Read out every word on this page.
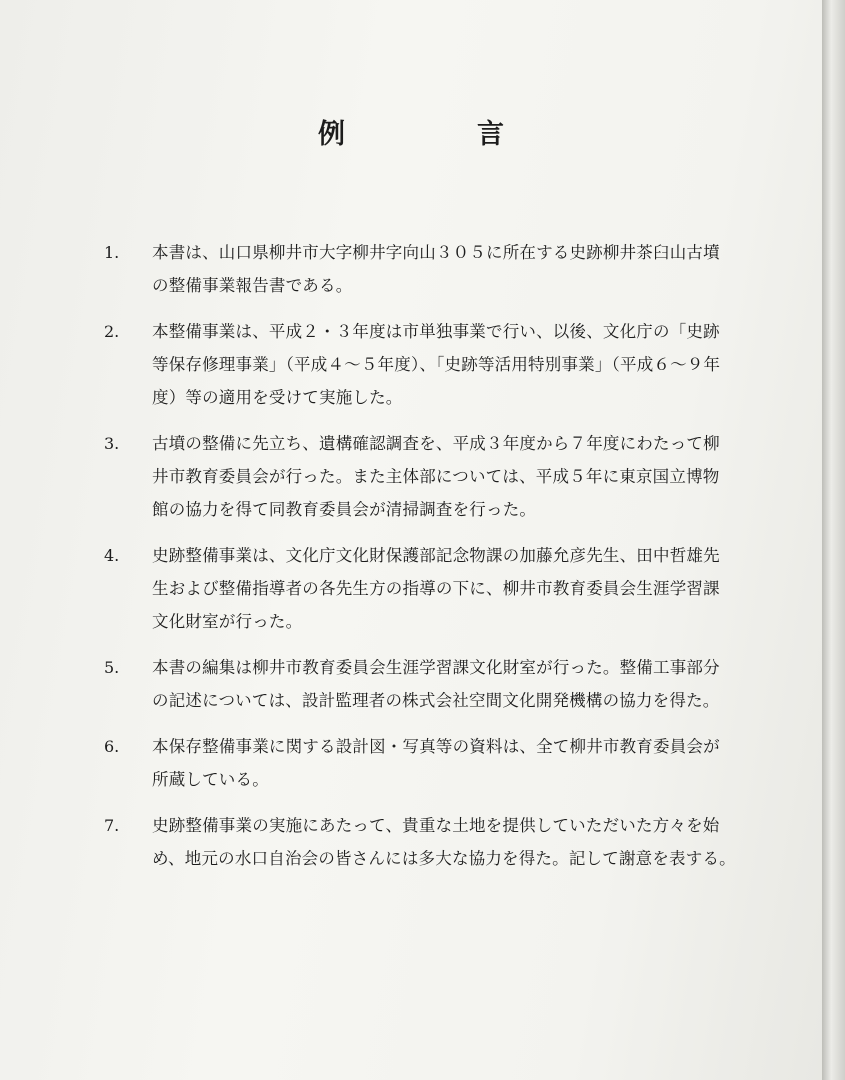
例	言
1. 本書は、山口県柳井市大字柳井字向山３０５に所在する史跡柳井茶臼山古墳
の整備事業報告書である。
2. 本整備事業は、平成２・３年度は市単独事業で行い、以後、文化庁の「史跡
等保存修理事業」（平成４～５年度）、「史跡等活用特別事業」（平成６～９年
度）等の適用を受けて実施した。
3. 古墳の整備に先立ち、遺構確認調査を、平成３年度から７年度にわたって柳
井市教育委員会が行った。また主体部については、平成５年に東京国立博物
館の協力を得て同教育委員会が清掃調査を行った。
4. 史跡整備事業は、文化庁文化財保護部記念物課の加藤允彦先生、田中哲雄先
生および整備指導者の各先生方の指導の下に、柳井市教育委員会生涯学習課
文化財室が行った。
5. 本書の編集は柳井市教育委員会生涯学習課文化財室が行った。整備工事部分
の記述については、設計監理者の株式会社空間文化開発機構の協力を得た。
6. 本保存整備事業に関する設計図・写真等の資料は、全て柳井市教育委員会が
所蔵している。
7. 史跡整備事業の実施にあたって、貴重な土地を提供していただいた方々を始
め、地元の水口自治会の皆さんには多大な協力を得た。記して謝意を表する。
